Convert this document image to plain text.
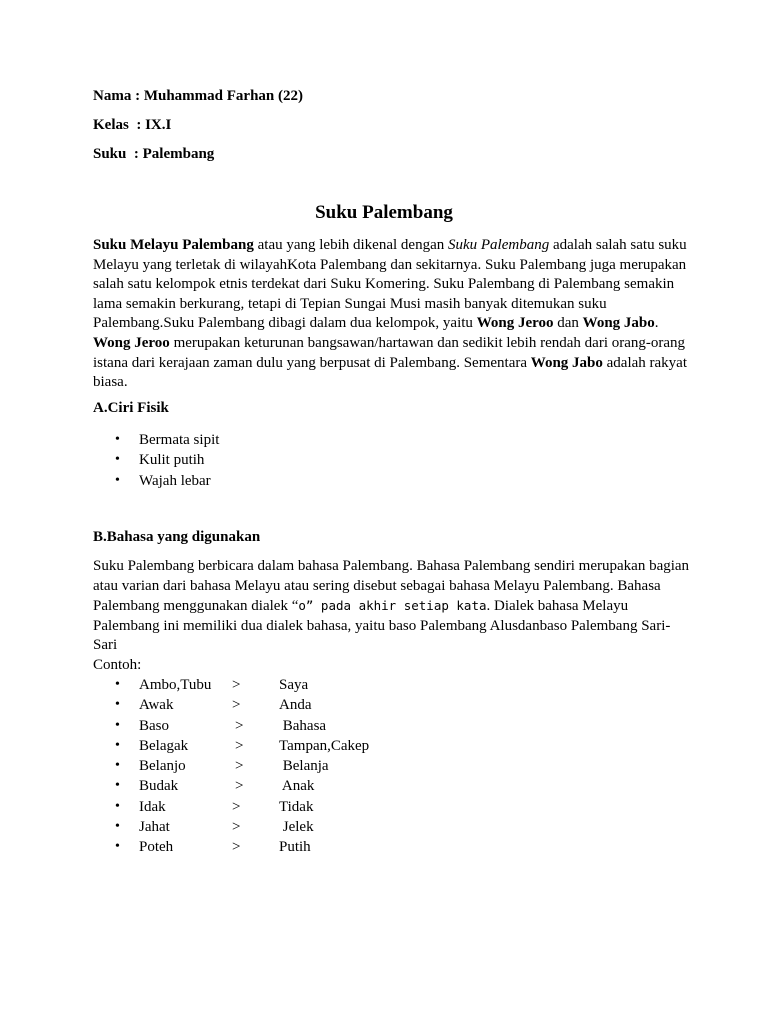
Nama : Muhammad Farhan (22)
Kelas  : IX.I
Suku  : Palembang
Suku Palembang
Suku Melayu Palembang atau yang lebih dikenal dengan Suku Palembang adalah salah satu suku Melayu yang terletak di wilayahKota Palembang dan sekitarnya. Suku Palembang juga merupakan salah satu kelompok etnis terdekat dari Suku Komering. Suku Palembang di Palembang semakin lama semakin berkurang, tetapi di Tepian Sungai Musi masih banyak ditemukan suku Palembang.Suku Palembang dibagi dalam dua kelompok, yaitu Wong Jeroo dan Wong Jabo. Wong Jeroo merupakan keturunan bangsawan/hartawan dan sedikit lebih rendah dari orang-orang istana dari kerajaan zaman dulu yang berpusat di Palembang. Sementara Wong Jabo adalah rakyat biasa.
A.Ciri Fisik
• Bermata sipit
• Kulit putih
• Wajah lebar
B.Bahasa yang digunakan
Suku Palembang berbicara dalam bahasa Palembang. Bahasa Palembang sendiri merupakan bagian atau varian dari bahasa Melayu atau sering disebut sebagai bahasa Melayu Palembang. Bahasa Palembang menggunakan dialek “o” pada akhir setiap kata. Dialek bahasa Melayu Palembang ini memiliki dua dialek bahasa, yaitu baso Palembang Alusdanbaso Palembang Sari-Sari
Contoh:
• Ambo,Tubu >	Saya
• Awak	>	Anda
• Baso	> Bahasa
• Belagak	> Tampan,Cakep
• Belanjo	> Belanja
• Budak	> Anak
• Idak	>	Tidak
• Jahat	>	Jelek
• Poteh	>	Putih
